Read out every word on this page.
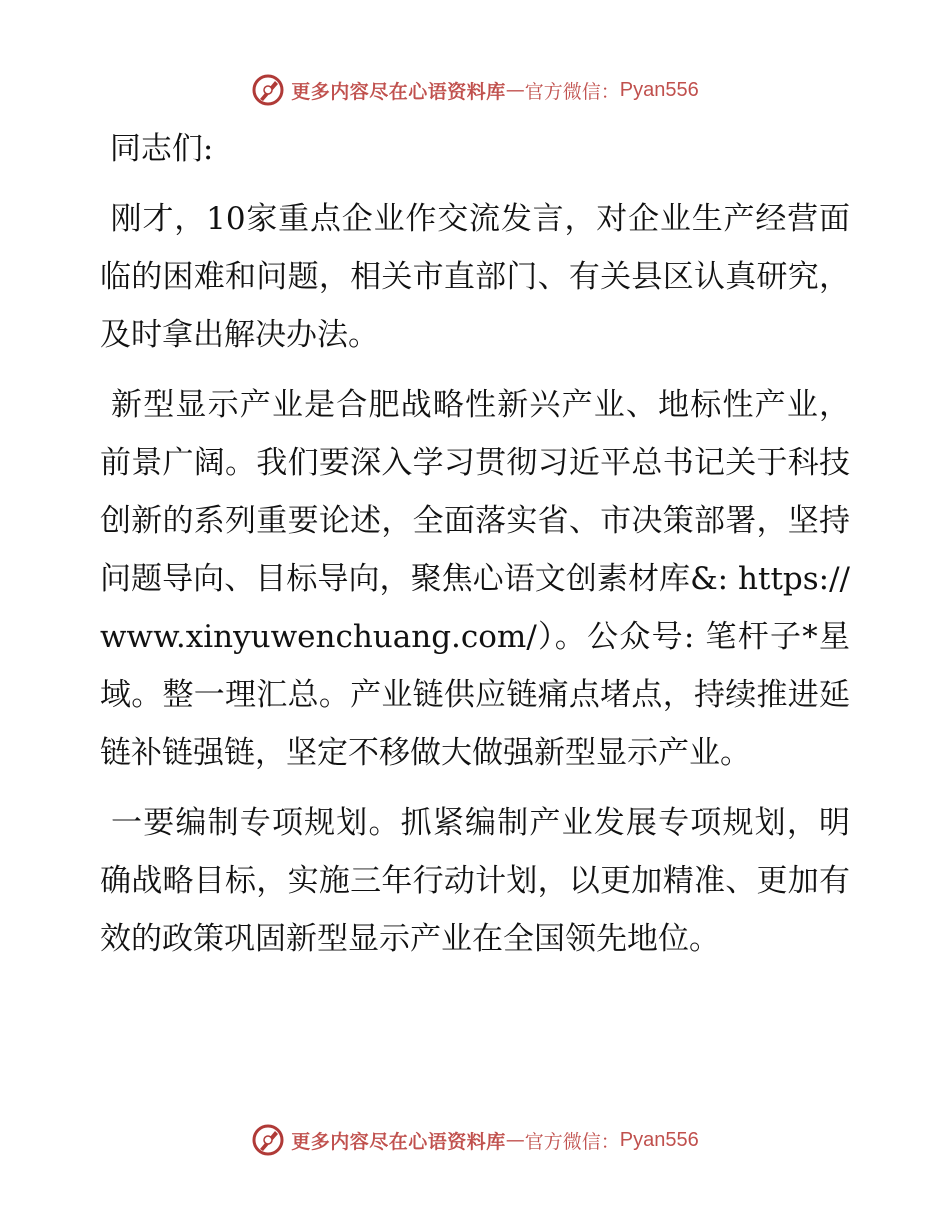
更多内容尽在心语资料库 — 官方微信： Pyan556

同志们:

刚才，10家重点企业作交流发言，对企业生产经营面临的困难和问题，相关市直部门、有关县区认真研究，及时拿出解决办法。

新型显示产业是合肥战略性新兴产业、地标性产业，前景广阔。我们要深入学习贯彻习近平总书记关于科技创新的系列重要论述，全面落实省、市决策部署，坚持问题导向、目标导向，聚焦心语文创素材库&: https://www.xinyuwenchuang.com/）。公众号: 笔杆子*星域。整一理汇总。产业链供应链痛点堵点，持续推进延链补链强链，坚定不移做大做强新型显示产业。

一要编制专项规划。抓紧编制产业发展专项规划，明确战略目标，实施三年行动计划，以更加精准、更加有效的政策巩固新型显示产业在全国领先地位。

更多内容尽在心语资料库 — 官方微信： Pyan556
